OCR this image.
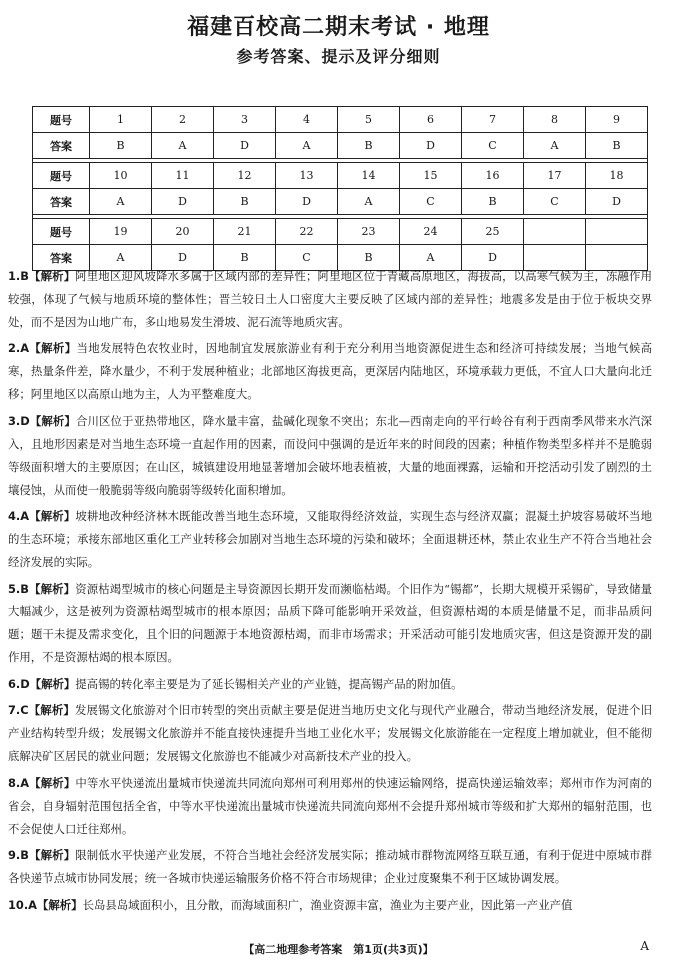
福建百校高二期末考试 · 地理
参考答案、提示及评分细则
题号	1	2	3	4	5	6	7	8	9
答案	B	A	D	A	B	D	C	A	B

题号	10	11	12	13	14	15	16	17	18
答案	A	D	B	D	A	C	B	C	D

题号	19	20	21	22	23	24	25		
答案	A	D	B	C	B	A	D		
1.B【解析】阿里地区迎风坡降水多属于区域内部的差异性；阿里地区位于青藏高原地区，海拔高，以高寒气候为主，冻融作用较强，体现了气候与地质环境的整体性；晋兰较日土人口密度大主要反映了区域内部的差异性；地震多发是由于位于板块交界处，而不是因为山地广布，多山地易发生滑坡、泥石流等地质灾害。
2.A【解析】当地发展特色农牧业时，因地制宜发展旅游业有利于充分利用当地资源促进生态和经济可持续发展；当地气候高寒，热量条件差，降水量少，不利于发展种植业；北部地区海拔更高，更深居内陆地区，环境承载力更低，不宜人口大量向北迁移；阿里地区以高原山地为主，人为平整难度大。
3.D【解析】合川区位于亚热带地区，降水量丰富，盐碱化现象不突出；东北—西南走向的平行岭谷有利于西南季风带来水汽深入，且地形因素是对当地生态环境一直起作用的因素，而设问中强调的是近年来的时间段的因素；种植作物类型多样并不是脆弱等级面积增大的主要原因；在山区，城镇建设用地显著增加会破坏地表植被，大量的地面裸露，运输和开挖活动引发了剧烈的土壤侵蚀，从而使一般脆弱等级向脆弱等级转化面积增加。
4.A【解析】坡耕地改种经济林木既能改善当地生态环境，又能取得经济效益，实现生态与经济双赢；混凝土护坡容易破坏当地的生态环境；承接东部地区重化工产业转移会加剧对当地生态环境的污染和破坏；全面退耕还林，禁止农业生产不符合当地社会经济发展的实际。
5.B【解析】资源枯竭型城市的核心问题是主导资源因长期开发而濒临枯竭。个旧作为“锡都”，长期大规模开采锡矿，导致储量大幅减少，这是被列为资源枯竭型城市的根本原因；品质下降可能影响开采效益，但资源枯竭的本质是储量不足，而非品质问题；题干未提及需求变化，且个旧的问题源于本地资源枯竭，而非市场需求；开采活动可能引发地质灾害，但这是资源开发的副作用，不是资源枯竭的根本原因。
6.D【解析】提高锡的转化率主要是为了延长锡相关产业的产业链，提高锡产品的附加值。
7.C【解析】发展锡文化旅游对个旧市转型的突出贡献主要是促进当地历史文化与现代产业融合，带动当地经济发展，促进个旧产业结构转型升级；发展锡文化旅游并不能直接快速提升当地工业化水平；发展锡文化旅游能在一定程度上增加就业，但不能彻底解决矿区居民的就业问题；发展锡文化旅游也不能减少对高新技术产业的投入。
8.A【解析】中等水平快递流出量城市快递流共同流向郑州可利用郑州的快速运输网络，提高快递运输效率；郑州市作为河南的省会，自身辐射范围包括全省，中等水平快递流出量城市快递流共同流向郑州不会提升郑州城市等级和扩大郑州的辐射范围，也不会促使人口迁往郑州。
9.B【解析】限制低水平快递产业发展，不符合当地社会经济发展实际；推动城市群物流网络互联互通，有利于促进中原城市群各快递节点城市协同发展；统一各城市快递运输服务价格不符合市场规律；企业过度聚集不利于区域协调发展。
10.A【解析】长岛县岛域面积小，且分散，而海域面积广，渔业资源丰富，渔业为主要产业，因此第一产业产值
【高二地理参考答案　第1页(共3页)】	A
